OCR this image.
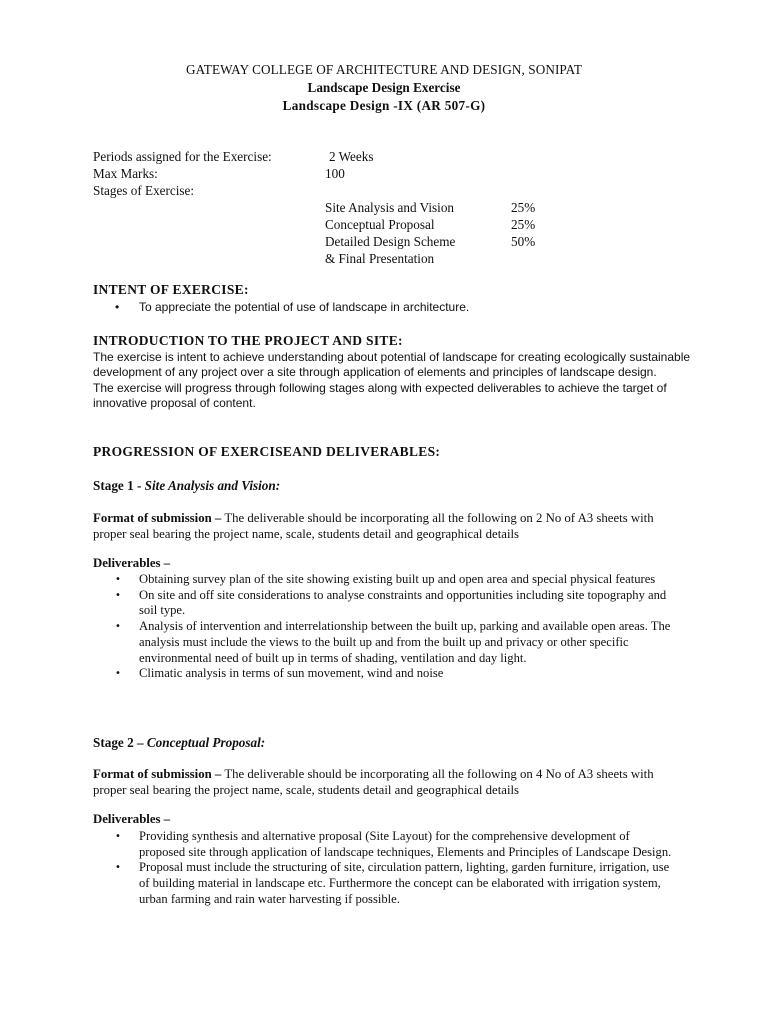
GATEWAY COLLEGE OF ARCHITECTURE AND DESIGN, SONIPAT
Landscape Design Exercise
Landscape Design -IX (AR 507-G)
Periods assigned for the Exercise:	2 Weeks
Max Marks:	100
Stages of Exercise:
Site Analysis and Vision	25%
Conceptual Proposal	25%
Detailed Design Scheme	50%
& Final Presentation
INTENT OF EXERCISE:
• To appreciate the potential of use of landscape in architecture.
INTRODUCTION TO THE PROJECT AND SITE:

The exercise is intent to achieve understanding about potential of landscape for creating ecologically sustainable development of any project over a site through application of elements and principles of landscape design.

The exercise will progress through following stages along with expected deliverables to achieve the target of innovative proposal of content.

PROGRESSION OF EXERCISEAND DELIVERABLES:
Stage 1 - Site Analysis and Vision:
Format of submission – The deliverable should be incorporating all the following on 2 No of A3 sheets with proper seal bearing the project name, scale, students detail and geographical details
Deliverables –
• Obtaining survey plan of the site showing existing built up and open area and special physical features
• On site and off site considerations to analyse constraints and opportunities including site topography and soil type.
• Analysis of intervention and interrelationship between the built up, parking and available open areas. The analysis must include the views to the built up and from the built up and privacy or other specific environmental need of built up in terms of shading, ventilation and day light.
• Climatic analysis in terms of sun movement, wind and noise
Stage 2 – Conceptual Proposal:
Format of submission – The deliverable should be incorporating all the following on 4 No of A3 sheets with proper seal bearing the project name, scale, students detail and geographical details
Deliverables –
• Providing synthesis and alternative proposal (Site Layout) for the comprehensive development of proposed site through application of landscape techniques, Elements and Principles of Landscape Design.
• Proposal must include the structuring of site, circulation pattern, lighting, garden furniture, irrigation, use of building material in landscape etc. Furthermore the concept can be elaborated with irrigation system, urban farming and rain water harvesting if possible.
